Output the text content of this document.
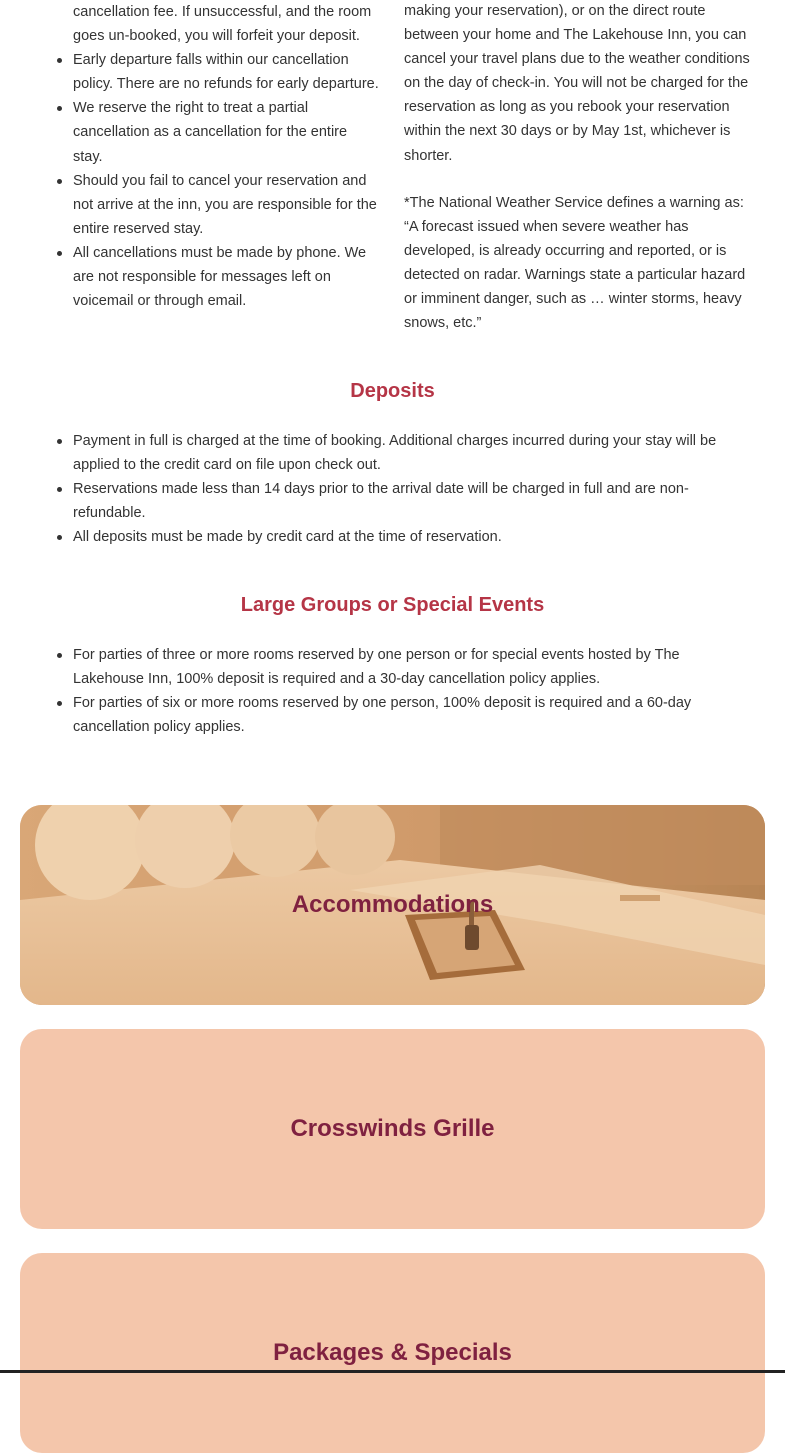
cancellation fee. If unsuccessful, and the room
goes un-booked, you will forfeit your deposit.
Early departure falls within our cancellation
policy. There are no refunds for early departure.
We reserve the right to treat a partial
cancellation as a cancellation for the entire
stay.
Should you fail to cancel your reservation and
not arrive at the inn, you are responsible for the
entire reserved stay.
All cancellations must be made by phone. We
are not responsible for messages left on
voicemail or through email.
making your reservation), or on the direct route
between your home and The Lakehouse Inn, you can
cancel your travel plans due to the weather conditions
on the day of check-in. You will not be charged for the
reservation as long as you rebook your reservation
within the next 30 days or by May 1st, whichever is
shorter.
*The National Weather Service defines a warning as:
“A forecast issued when severe weather has
developed, is already occurring and reported, or is
detected on radar. Warnings state a particular hazard
or imminent danger, such as … winter storms, heavy
snows, etc.”
Deposits
Payment in full is charged at the time of booking. Additional charges incurred during your stay will be
applied to the credit card on file upon check out.
Reservations made less than 14 days prior to the arrival date will be charged in full and are non-
refundable.
All deposits must be made by credit card at the time of reservation.
Large Groups or Special Events
For parties of three or more rooms reserved by one person or for special events hosted by The
Lakehouse Inn, 100% deposit is required and a 30-day cancellation policy applies.
For parties of six or more rooms reserved by one person, 100% deposit is required and a 60-day
cancellation policy applies.
Accommodations
Crosswinds Grille
Packages & Specials
